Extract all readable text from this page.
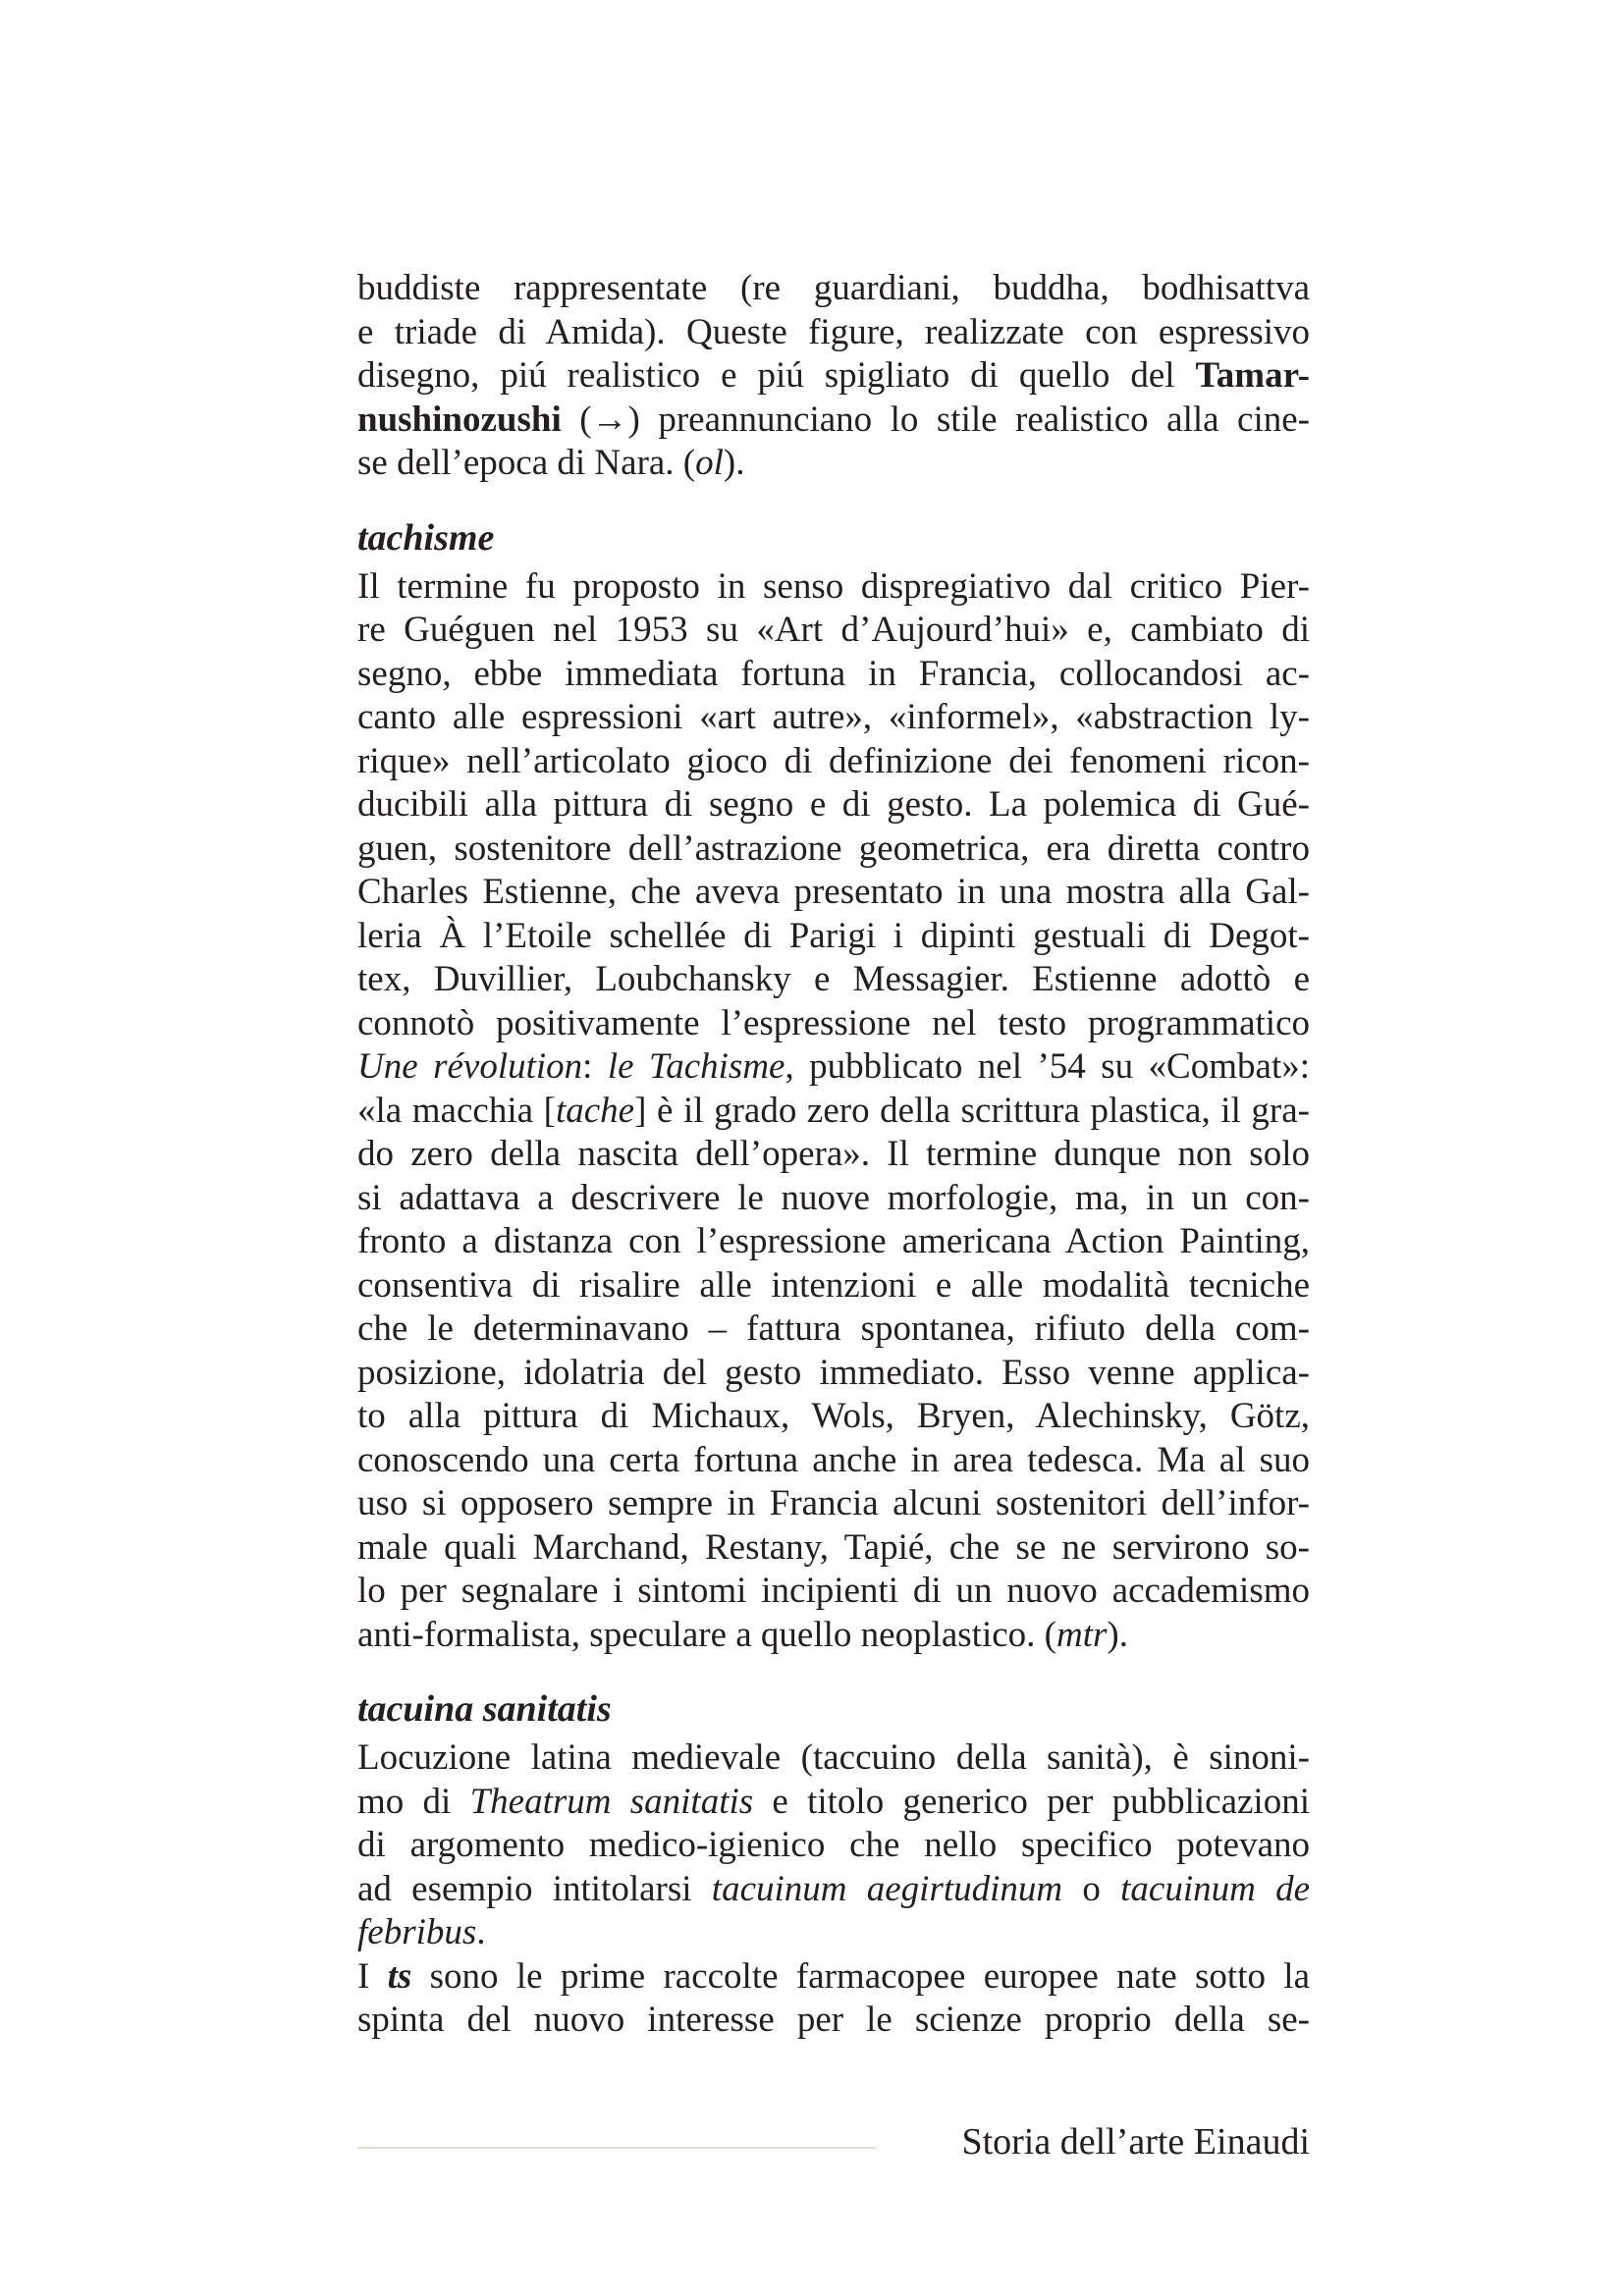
buddiste rappresentate (re guardiani, buddha, bodhisattva
e triade di Amida). Queste figure, realizzate con espressivo
disegno, piú realistico e piú spigliato di quello del Tamar-
nushinozushi (→) preannunciano lo stile realistico alla cine-
se dell’epoca di Nara. (ol).
tachisme
Il termine fu proposto in senso dispregiativo dal critico Pier-
re Guéguen nel 1953 su «Art d’Aujourd’hui» e, cambiato di
segno, ebbe immediata fortuna in Francia, collocandosi ac-
canto alle espressioni «art autre», «informel», «abstraction ly-
rique» nell’articolato gioco di definizione dei fenomeni ricon-
ducibili alla pittura di segno e di gesto. La polemica di Gué-
guen, sostenitore dell’astrazione geometrica, era diretta contro
Charles Estienne, che aveva presentato in una mostra alla Gal-
leria À l’Etoile schellée di Parigi i dipinti gestuali di Degot-
tex, Duvillier, Loubchansky e Messagier. Estienne adottò e
connotò positivamente l’espressione nel testo programmatico
Une révolution: le Tachisme, pubblicato nel ’54 su «Combat»:
«la macchia [tache] è il grado zero della scrittura plastica, il gra-
do zero della nascita dell’opera». Il termine dunque non solo
si adattava a descrivere le nuove morfologie, ma, in un con-
fronto a distanza con l’espressione americana Action Painting,
consentiva di risalire alle intenzioni e alle modalità tecniche
che le determinavano – fattura spontanea, rifiuto della com-
posizione, idolatria del gesto immediato. Esso venne applica-
to alla pittura di Michaux, Wols, Bryen, Alechinsky, Götz,
conoscendo una certa fortuna anche in area tedesca. Ma al suo
uso si opposero sempre in Francia alcuni sostenitori dell’infor-
male quali Marchand, Restany, Tapié, che se ne servirono so-
lo per segnalare i sintomi incipienti di un nuovo accademismo
anti-formalista, speculare a quello neoplastico. (mtr).
tacuina sanitatis
Locuzione latina medievale (taccuino della sanità), è sinoni-
mo di Theatrum sanitatis e titolo generico per pubblicazioni
di argomento medico-igienico che nello specifico potevano
ad esempio intitolarsi tacuinum aegirtudinum o tacuinum de
febribus.
I ts sono le prime raccolte farmacopee europee nate sotto la
spinta del nuovo interesse per le scienze proprio della se-
Storia dell’arte Einaudi
